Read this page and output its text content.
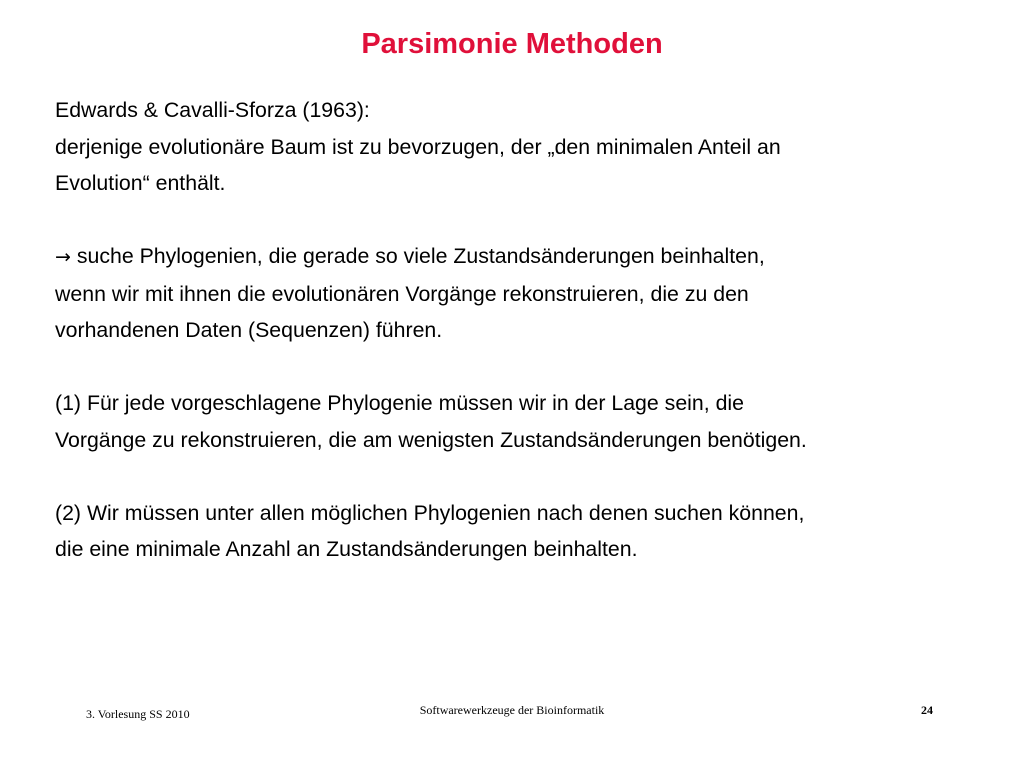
Parsimonie Methoden
Edwards & Cavalli-Sforza (1963):
derjenige evolutionäre Baum ist zu bevorzugen, der „den minimalen Anteil an
Evolution“ enthält.
→ suche Phylogenien, die gerade so viele Zustandsänderungen beinhalten,
wenn wir mit ihnen die evolutionären Vorgänge rekonstruieren, die zu den
vorhandenen Daten (Sequenzen) führen.
(1) Für jede vorgeschlagene Phylogenie müssen wir in der Lage sein, die
Vorgänge zu rekonstruieren, die am wenigsten Zustandsänderungen benötigen.
(2) Wir müssen unter allen möglichen Phylogenien nach denen suchen können,
die eine minimale Anzahl an Zustandsänderungen beinhalten.
3. Vorlesung SS 2010	Softwarewerkzeuge der Bioinformatik	24
